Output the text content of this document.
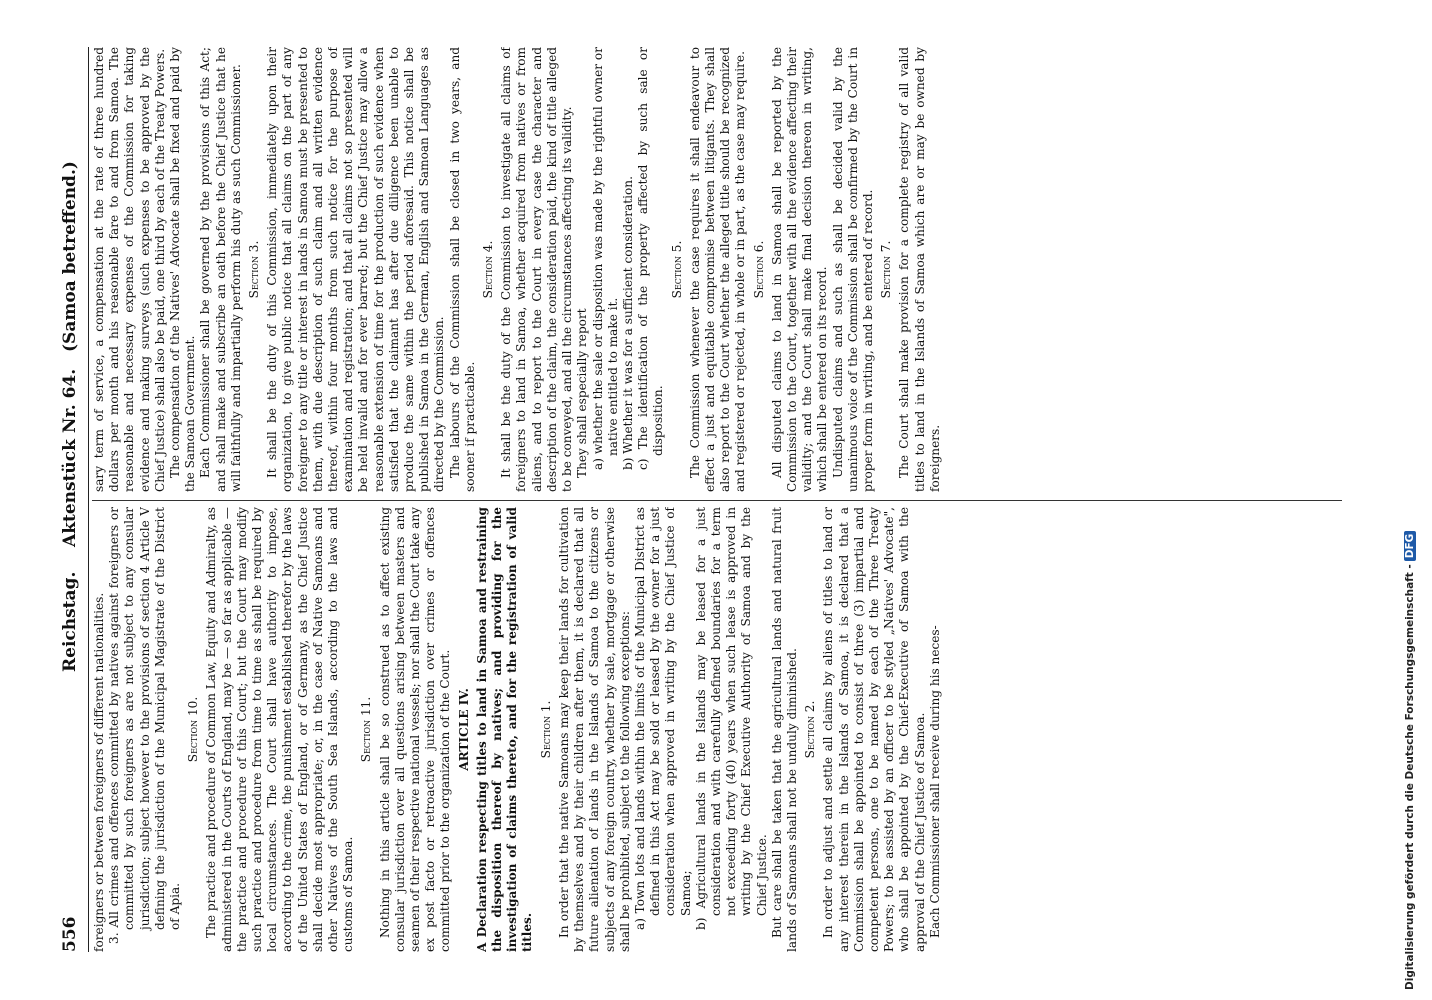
556
Reichstag.
Aktenstück Nr. 64.
(Samoa betreffend.)

foreigners or between foreigners of different nationalities. 3. All crimes and offences committed by natives against foreigners or committed by such foreigners as are not subject to any consular jurisdiction; subject however to the provisions of section 4 Article V defining the jurisdiction of the Municipal Magistrate of the District of Apia.

Section 10. The practice and procedure of Common Law, Equity and Admiralty, as administered in the Courts of England, may be — so far as applicable — the practice and procedure of this Court; but the Court may modify such practice and procedure from time to time as shall be required by local circumstances. The Court shall have authority to impose, according to the crime, the punishment established therefor by the laws of the United States of England, or of Germany, as the Chief Justice shall decide most appropriate; or, in the case of Native Samoans and other Natives of the South Sea Islands, according to the laws and customs of Samoa.

Section 11. Nothing in this article shall be so construed as to affect existing consular jurisdiction over all questions arising between masters and seamen of their respective national vessels; nor shall the Court take any ex post facto or retroactive jurisdiction over crimes or offences committed prior to the organization of the Court. ARTICLE IV. A Declaration respecting titles to land in Samoa and restraining the disposition thereof by natives; and providing for the investigation of claims thereto, and for the registration of valid titles.

Section 1. In order that the native Samoans may keep their lands for cultivation by themselves and by their children after them, it is declared that all future alienation of lands in the Islands of Samoa to the citizens or subjects of any foreign country, whether by sale, mortgage or otherwise shall be prohibited, subject to the following exceptions: a) Town lots and lands within the limits of the Municipal District as defined in this Act may be sold or leased by the owner for a just consideration when approved in writing by the Chief Justice of Samoa; b) Agricultural lands in the Islands may be leased for a just consideration and with carefully defined boundaries for a term not exceeding forty (40) years when such lease is approved in writing by the Chief Executive Authority of Samoa and by the Chief Justice. But care shall be taken that the agricultural lands and natural fruit lands of Samoans shall not be unduly diminished. Section 2. In order to adjust and settle all claims by aliens of titles to land or any interest therein in the Islands of Samoa, it is declared that a Commission shall be appointed to consist of three (3) impartial and competent persons, one to be named by each of the Three Treaty Powers; to be assisted by an officer to be styled „Natives' Advocate", who shall be appointed by the Chief-Executive of Samoa with the approval of the Chief Justice of Samoa. Each Commissioner shall receive during his neces-

sary term of service, a compensation at the rate of three hundred dollars per month and his reasonable fare to and from Samoa. The reasonable and necessary expenses of the Commission for taking evidence and making surveys (such expenses to be approved by the Chief Justice) shall also be paid, one third by each of the Treaty Powers. The compensation of the Natives' Advocate shall be fixed and paid by the Samoan Government. Each Commissioner shall be governed by the provisions of this Act; and shall make and subscribe an oath before the Chief Justice that he will faithfully and impartially perform his duty as such Commissioner. Section 3. It shall be the duty of this Commission, immediately upon their organization, to give public notice that all claims on the part of any foreigner to any title or interest in lands in Samoa must be presented to them, with due description of such claim and all written evidence thereof, within four months from such notice for the purpose of examination and registration; and that all claims not so presented will be held invalid and for ever barred; but the Chief Justice may allow a reasonable extension of time for the production of such evidence when satisfied that the claimant has after due diligence been unable to produce the same within the period aforesaid. This notice shall be published in Samoa in the German, English and Samoan Languages as directed by the Commission. The labours of the Commission shall be closed in two years, and sooner if practicable.

Section 4. It shall be the duty of the Commission to investigate all claims of foreigners to land in Samoa, whether acquired from natives or from aliens, and to report to the Court in every case the character and description of the claim, the consideration paid, the kind of title alleged to be conveyed, and all the circumstances affecting its validity. They shall especially report a) whether the sale or disposition was made by the rightful owner or native entitled to make it. b) Whether it was for a sufficient consideration. c) The identification of the property affected by such sale or disposition.

Section 5. The Commission whenever the case requires it shall endeavour to effect a just and equitable compromise between litigants. They shall also report to the Court whether the alleged title should be recognized and registered or rejected, in whole or in part, as the case may require. Section 6. All disputed claims to land in Samoa shall be reported by the Commission to the Court, together with all the evidence affecting their validity; and the Court shall make final decision thereon in writing, which shall be entered on its record. Undisputed claims and such as shall be decided valid by the unanimous voice of the Commission shall be confirmed by the Court in proper form in writing, and be entered of record. Section 7. The Court shall make provision for a complete registry of all valid titles to land in the Islands of Samoa which are or may be owned by foreigners.

Digitalisierung gefördert durch die Deutsche Forschungsgemeinschaft -DFG
